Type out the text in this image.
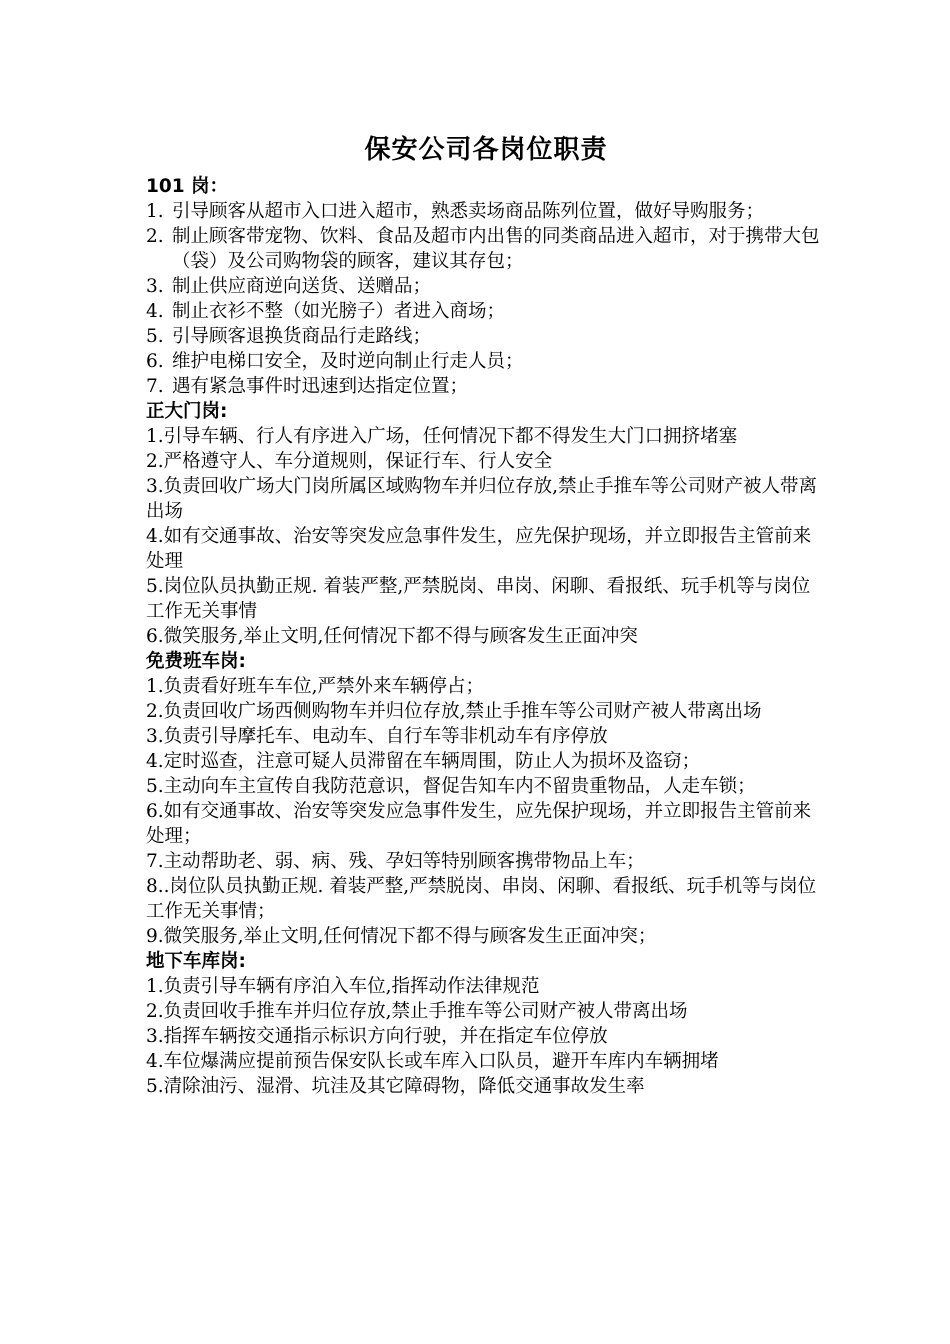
保安公司各岗位职责
101 岗：
1. 引导顾客从超市入口进入超市，熟悉卖场商品陈列位置，做好导购服务；
2. 制止顾客带宠物、饮料、食品及超市内出售的同类商品进入超市，对于携带大包（袋）及公司购物袋的顾客，建议其存包；
3. 制止供应商逆向送货、送赠品；
4. 制止衣衫不整（如光膀子）者进入商场；
5. 引导顾客退换货商品行走路线；
6. 维护电梯口安全，及时逆向制止行走人员；
7. 遇有紧急事件时迅速到达指定位置；
正大门岗:
1.引导车辆、行人有序进入广场，任何情况下都不得发生大门口拥挤堵塞
2.严格遵守人、车分道规则，保证行车、行人安全
3.负责回收广场大门岗所属区域购物车并归位存放,禁止手推车等公司财产被人带离出场
4.如有交通事故、治安等突发应急事件发生，应先保护现场，并立即报告主管前来处理
5.岗位队员执勤正规. 着装严整,严禁脱岗、串岗、闲聊、看报纸、玩手机等与岗位工作无关事情
6.微笑服务,举止文明,任何情况下都不得与顾客发生正面冲突
免费班车岗:
1.负责看好班车车位,严禁外来车辆停占；
2.负责回收广场西侧购物车并归位存放,禁止手推车等公司财产被人带离出场
3.负责引导摩托车、电动车、自行车等非机动车有序停放
4.定时巡查，注意可疑人员滞留在车辆周围，防止人为损坏及盗窃；
5.主动向车主宣传自我防范意识，督促告知车内不留贵重物品，人走车锁；
6.如有交通事故、治安等突发应急事件发生，应先保护现场，并立即报告主管前来处理；
7.主动帮助老、弱、病、残、孕妇等特别顾客携带物品上车；
8..岗位队员执勤正规. 着装严整,严禁脱岗、串岗、闲聊、看报纸、玩手机等与岗位工作无关事情；
9.微笑服务,举止文明,任何情况下都不得与顾客发生正面冲突；
地下车库岗:
1.负责引导车辆有序泊入车位,指挥动作法律规范
2.负责回收手推车并归位存放,禁止手推车等公司财产被人带离出场
3.指挥车辆按交通指示标识方向行驶，并在指定车位停放
4.车位爆满应提前预告保安队长或车库入口队员，避开车库内车辆拥堵
5.清除油污、湿滑、坑洼及其它障碍物，降低交通事故发生率
